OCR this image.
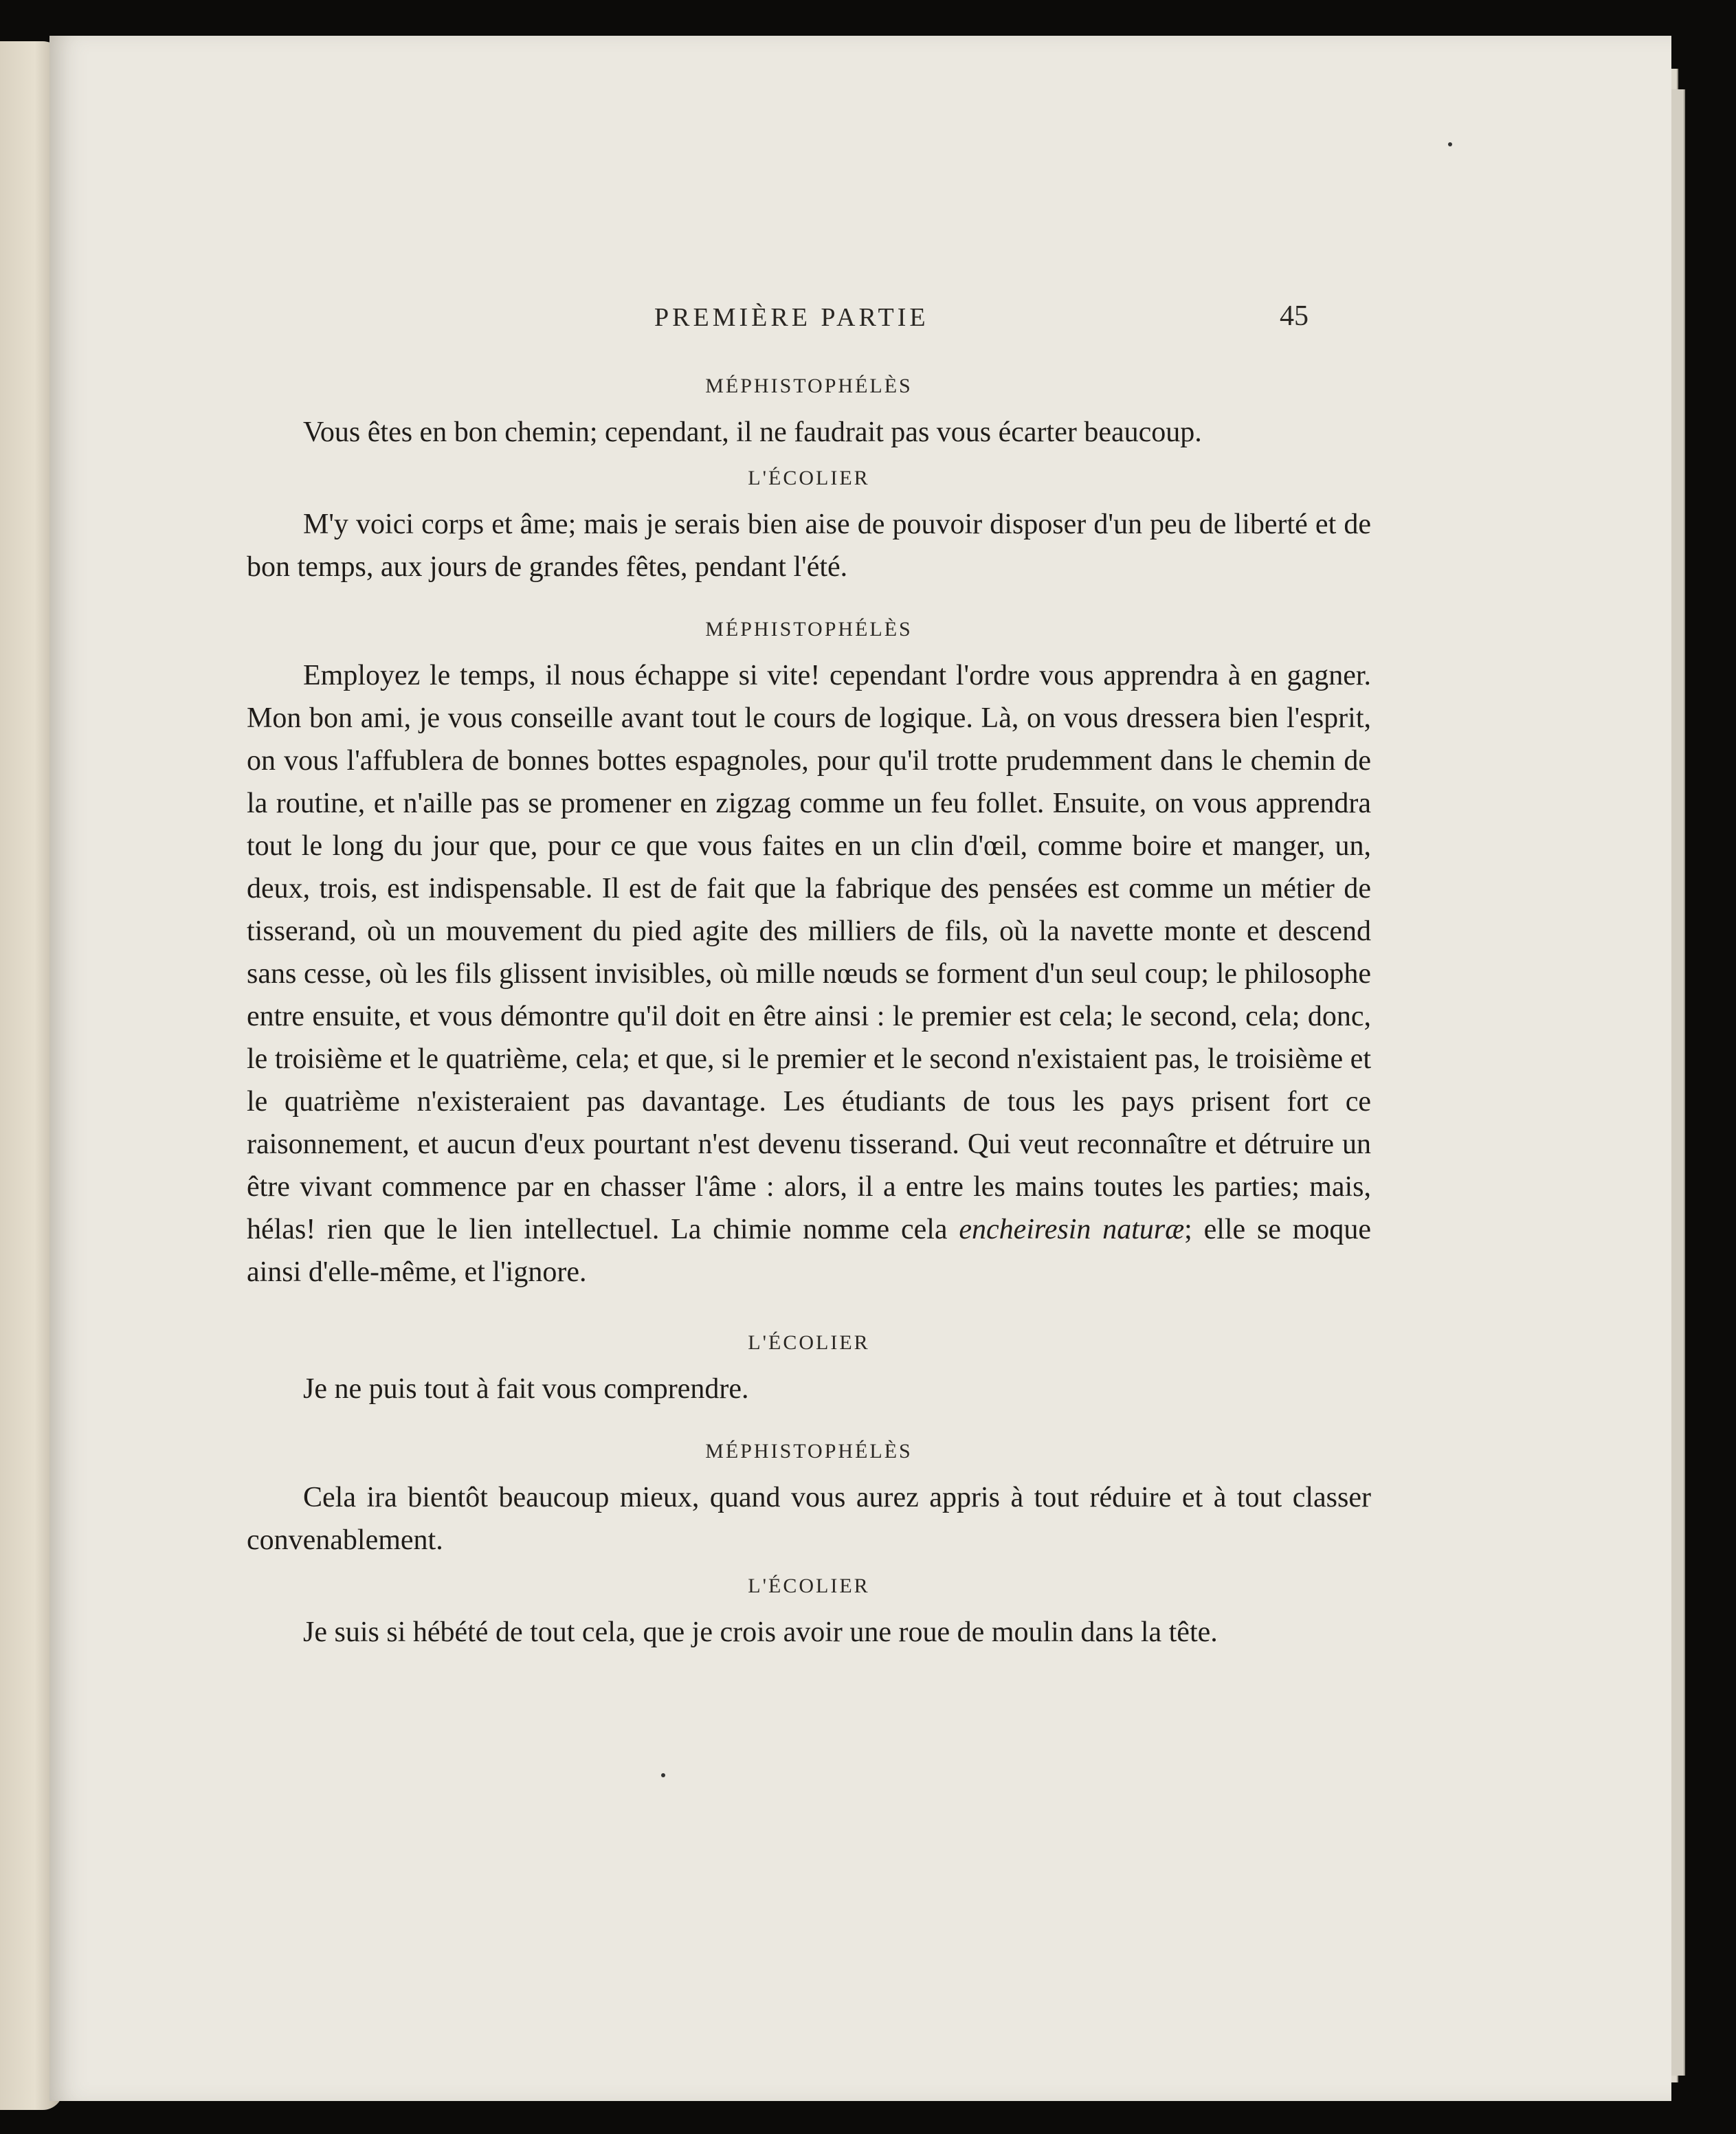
PREMIÈRE PARTIE	45
MÉPHISTOPHÉLÈS

Vous êtes en bon chemin; cependant, il ne faudrait pas vous écarter beaucoup.

L'ÉCOLIER

M'y voici corps et âme; mais je serais bien aise de pouvoir disposer d'un peu de liberté et de bon temps, aux jours de grandes fêtes, pendant l'été.

MÉPHISTOPHÉLÈS

Employez le temps, il nous échappe si vite! cependant l'ordre vous apprendra à en gagner. Mon bon ami, je vous conseille avant tout le cours de logique. Là, on vous dressera bien l'esprit, on vous l'affublera de bonnes bottes espagnoles, pour qu'il trotte prudemment dans le chemin de la routine, et n'aille pas se promener en zigzag comme un feu follet. Ensuite, on vous apprendra tout le long du jour que, pour ce que vous faites en un clin d'œil, comme boire et manger, un, deux, trois, est indispensable. Il est de fait que la fabrique des pensées est comme un métier de tisserand, où un mouvement du pied agite des milliers de fils, où la navette monte et descend sans cesse, où les fils glissent invisibles, où mille nœuds se forment d'un seul coup; le philosophe entre ensuite, et vous démontre qu'il doit en être ainsi : le premier est cela; le second, cela; donc, le troisième et le quatrième, cela; et que, si le premier et le second n'existaient pas, le troisième et le quatrième n'existeraient pas davantage. Les étudiants de tous les pays prisent fort ce raisonnement, et aucun d'eux pourtant n'est devenu tisserand. Qui veut reconnaître et détruire un être vivant commence par en chasser l'âme : alors, il a entre les mains toutes les parties; mais, hélas! rien que le lien intellectuel. La chimie nomme cela encheiresin naturæ; elle se moque ainsi d'elle-même, et l'ignore.

L'ÉCOLIER

Je ne puis tout à fait vous comprendre.

MÉPHISTOPHÉLÈS

Cela ira bientôt beaucoup mieux, quand vous aurez appris à tout réduire et à tout classer convenablement.

L'ÉCOLIER

Je suis si hébété de tout cela, que je crois avoir une roue de moulin dans la tête.
